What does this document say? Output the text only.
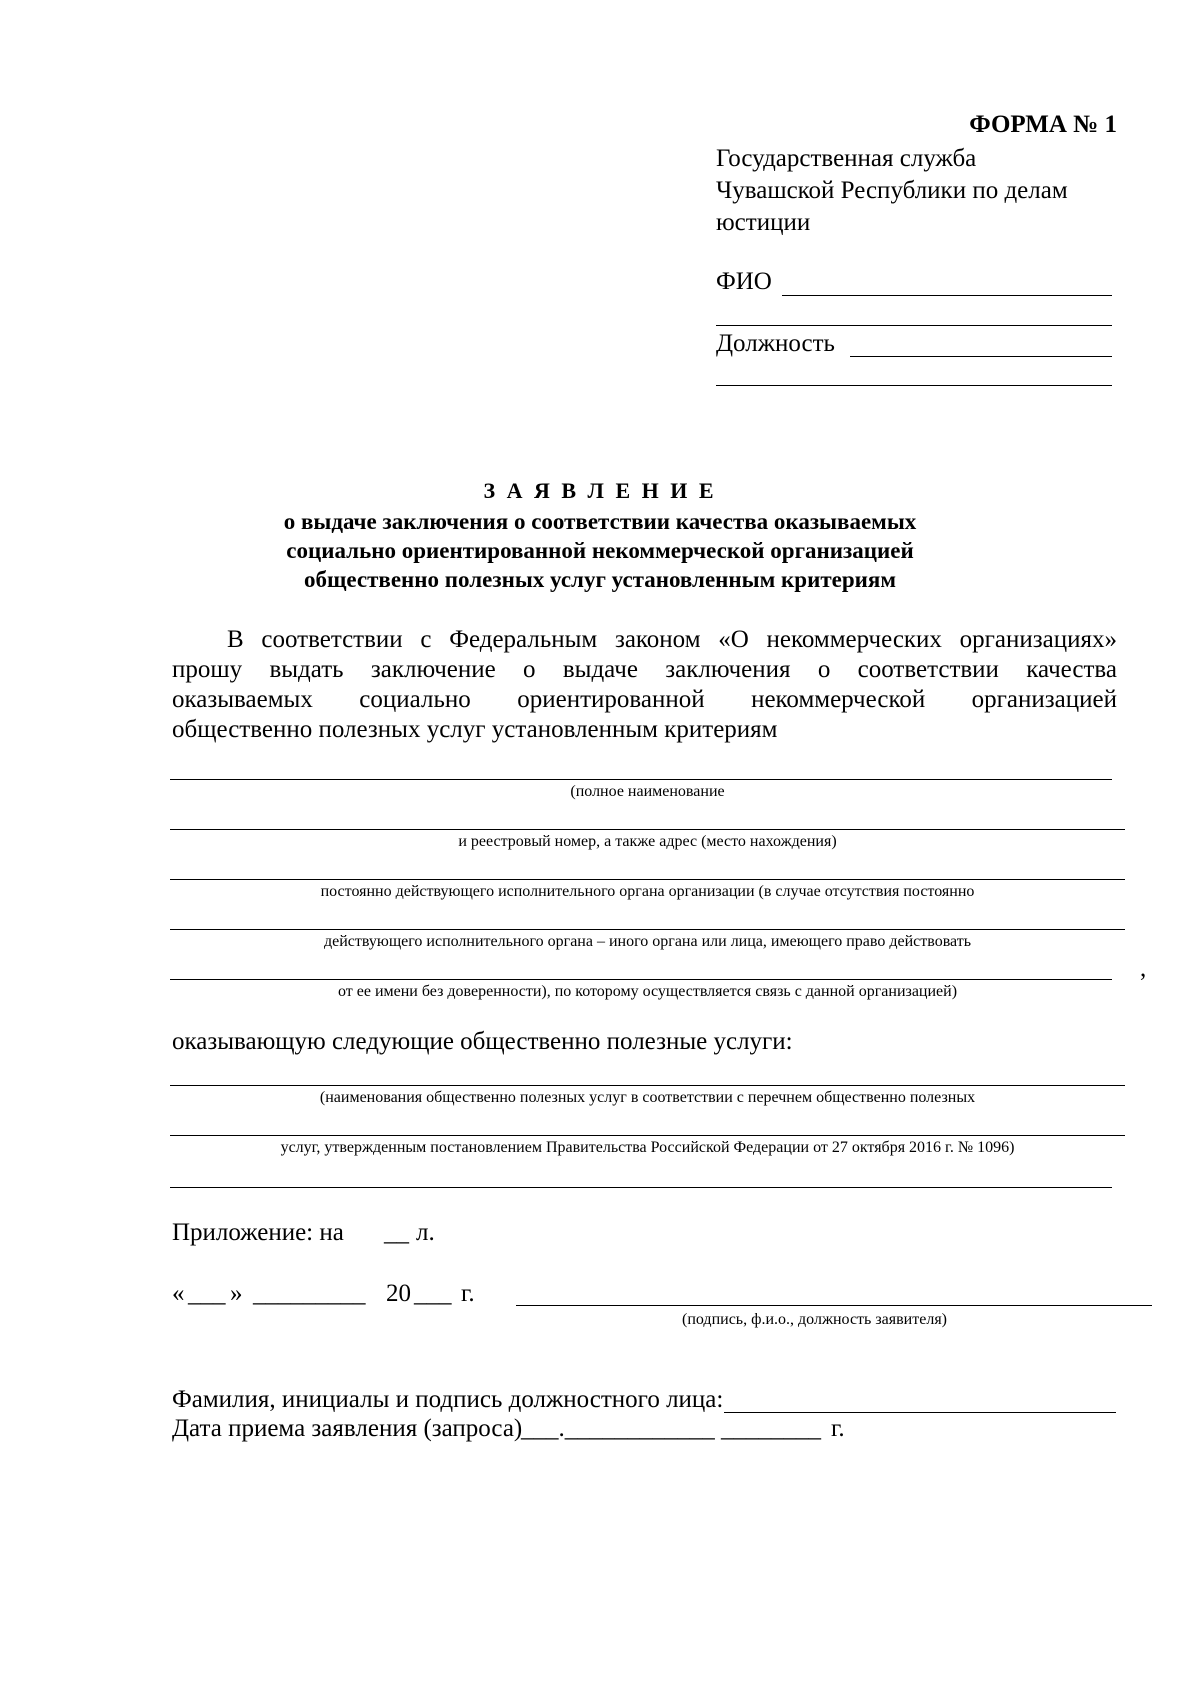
ФОРМА № 1
Государственная служба
Чувашской Республики по делам
юстиции
ФИО
Должность
З А Я В Л Е Н И Е
о выдаче заключения о соответствии качества оказываемых
социально ориентированной некоммерческой организацией
общественно полезных услуг установленным критериям
В соответствии с Федеральным законом «О некоммерческих организациях»
прошу выдать заключение о выдаче заключения о соответствии качества
оказываемых социально ориентированной некоммерческой организацией
общественно полезных услуг установленным критериям
(полное наименование
и реестровый номер, а также адрес (место нахождения)
постоянно действующего исполнительного органа организации (в случае отсутствия постоянно
действующего исполнительного органа – иного органа или лица, имеющего право действовать
,
от ее имени без доверенности), по которому осуществляется связь с данной организацией)
оказывающую следующие общественно полезные услуги:
(наименования общественно полезных услуг в соответствии с перечнем общественно полезных
услуг, утвержденным постановлением Правительства Российской Федерации от 27 октября 2016 г. № 1096)
Приложение: на __ л.
« ___ » _________ 20 ___ г.
(подпись, ф.и.о., должность заявителя)
Фамилия, инициалы и подпись должностного лица:
Дата приема заявления (запроса)
___.____________ ________ г.
